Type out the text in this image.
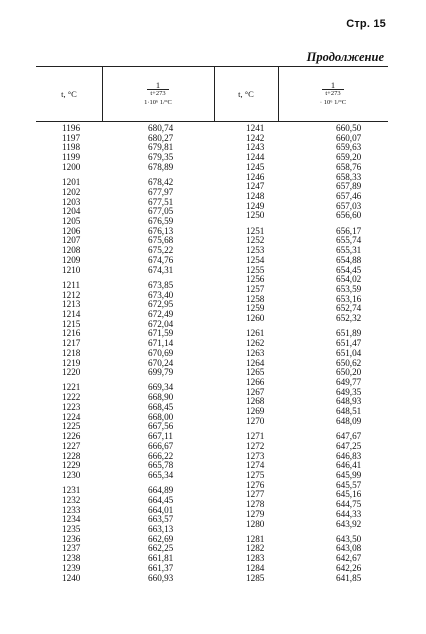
Стр. 15
Продолжение
t, °C
1
t+273
1·10⁶ 1/°C
t, °C
1
t+273
· 10⁶ 1/°C
1196
1197
1198
1199
1200
1201
1202
1203
1204
1205
1206
1207
1208
1209
1210
1211
1212
1213
1214
1215
1216
1217
1218
1219
1220
1221
1222
1223
1224
1225
1226
1227
1228
1229
1230
1231
1232
1233
1234
1235
1236
1237
1238
1239
1240
680,74
680,27
679,81
679,35
678,89
678,42
677,97
677,51
677,05
676,59
676,13
675,68
675,22
674,76
674,31
673,85
673,40
672,95
672,49
672,04
671,59
671,14
670,69
670,24
699,79
669,34
668,90
668,45
668,00
667,56
667,11
666,67
666,22
665,78
665,34
664,89
664,45
664,01
663,57
663,13
662,69
662,25
661,81
661,37
660,93
1241
1242
1243
1244
1245
1246
1247
1248
1249
1250
1251
1252
1253
1254
1255
1256
1257
1258
1259
1260
1261
1262
1263
1264
1265
1266
1267
1268
1269
1270
1271
1272
1273
1274
1275
1276
1277
1278
1279
1280
1281
1282
1283
1284
1285
660,50
660,07
659,63
659,20
658,76
658,33
657,89
657,46
657,03
656,60
656,17
655,74
655,31
654,88
654,45
654,02
653,59
653,16
652,74
652,32
651,89
651,47
651,04
650,62
650,20
649,77
649,35
648,93
648,51
648,09
647,67
647,25
646,83
646,41
645,99
645,57
645,16
644,75
644,33
643,92
643,50
643,08
642,67
642,26
641,85
